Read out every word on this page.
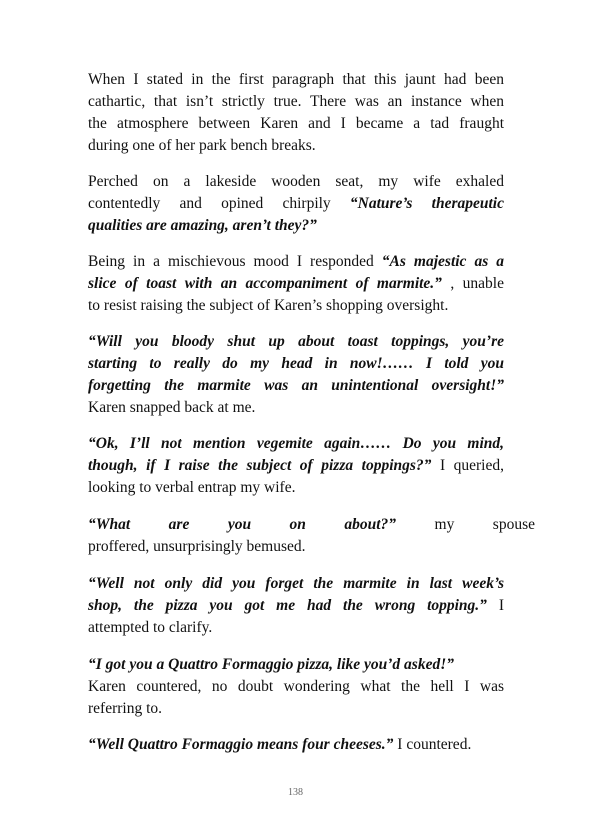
When I stated in the first paragraph that this jaunt had been
cathartic, that isn’t strictly true. There was an instance when
the atmosphere between Karen and I became a tad fraught
during one of her park bench breaks.
Perched on a lakeside wooden seat, my wife exhaled
contentedly and opined chirpily “Nature’s therapeutic
qualities are amazing, aren’t they?”
Being in a mischievous mood I responded “As majestic as a
slice of toast with an accompaniment of marmite.” , unable
to resist raising the subject of Karen’s shopping oversight.
“Will you bloody shut up about toast toppings, you’re
starting to really do my head in now!…… I told you
forgetting the marmite was an unintentional oversight!”
Karen snapped back at me.
“Ok, I’ll not mention vegemite again…… Do you mind,
though, if I raise the subject of pizza toppings?” I queried,
looking to verbal entrap my wife.
“What are you on about?” my spouse
proffered, unsurprisingly bemused.
“Well not only did you forget the marmite in last week’s
shop, the pizza you got me had the wrong topping.” I
attempted to clarify.
“I got you a Quattro Formaggio pizza, like you’d asked!”
Karen countered, no doubt wondering what the hell I was
referring to.
“Well Quattro Formaggio means four cheeses.” I countered.
138
